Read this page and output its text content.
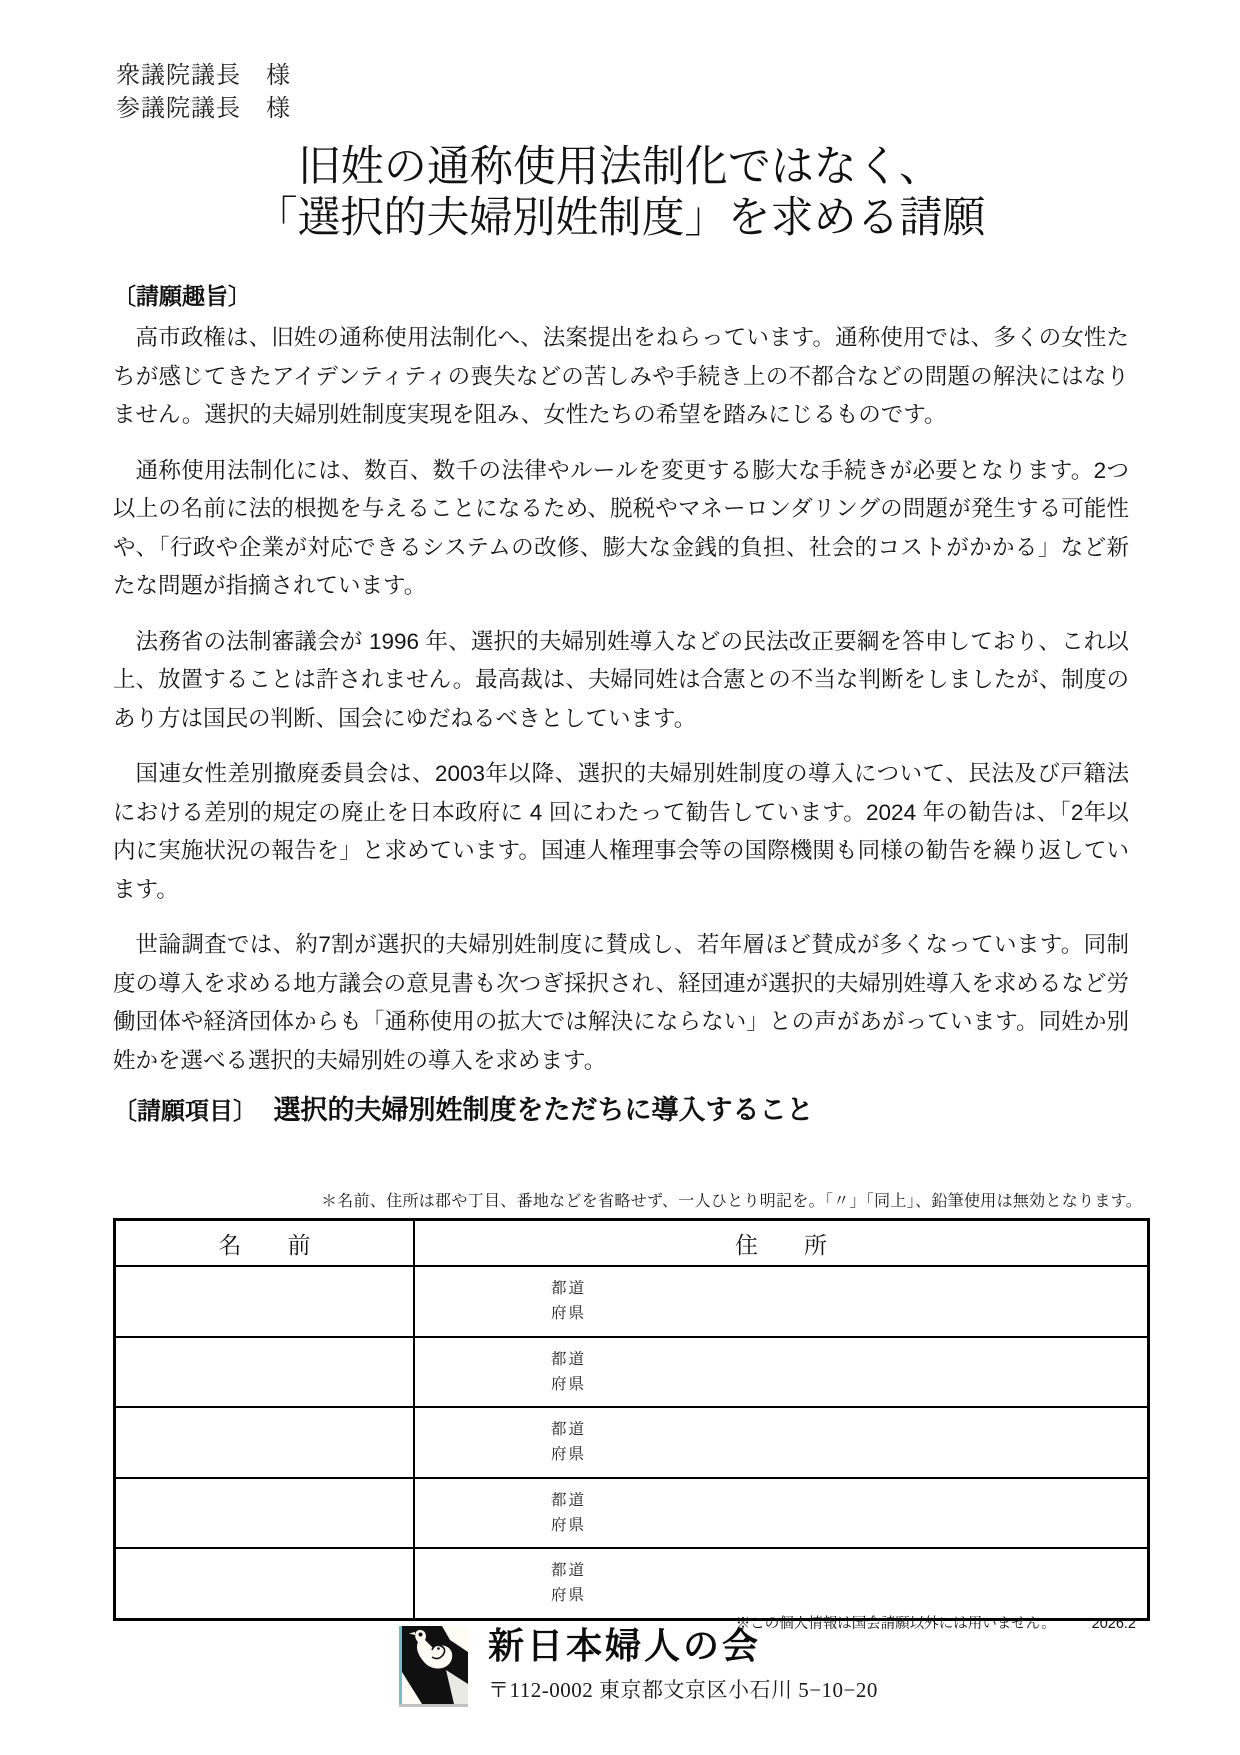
衆議院議長　様
参議院議長　様
旧姓の通称使用法制化ではなく、
「選択的夫婦別姓制度」を求める請願
〔請願趣旨〕

高市政権は、旧姓の通称使用法制化へ、法案提出をねらっています。通称使用では、多くの女性たちが感じてきたアイデンティティの喪失などの苦しみや手続き上の不都合などの問題の解決にはなりません。選択的夫婦別姓制度実現を阻み、女性たちの希望を踏みにじるものです。

通称使用法制化には、数百、数千の法律やルールを変更する膨大な手続きが必要となります。2つ以上の名前に法的根拠を与えることになるため、脱税やマネーロンダリングの問題が発生する可能性や、「行政や企業が対応できるシステムの改修、膨大な金銭的負担、社会的コストがかかる」など新たな問題が指摘されています。

法務省の法制審議会が 1996 年、選択的夫婦別姓導入などの民法改正要綱を答申しており、これ以上、放置することは許されません。最高裁は、夫婦同姓は合憲との不当な判断をしましたが、制度のあり方は国民の判断、国会にゆだねるべきとしています。

国連女性差別撤廃委員会は、2003年以降、選択的夫婦別姓制度の導入について、民法及び戸籍法における差別的規定の廃止を日本政府に 4 回にわたって勧告しています。2024 年の勧告は、「2年以内に実施状況の報告を」と求めています。国連人権理事会等の国際機関も同様の勧告を繰り返しています。

世論調査では、約7割が選択的夫婦別姓制度に賛成し、若年層ほど賛成が多くなっています。同制度の導入を求める地方議会の意見書も次つぎ採択され、経団連が選択的夫婦別姓導入を求めるなど労働団体や経済団体からも「通称使用の拡大では解決にならない」との声があがっています。同姓か別姓かを選べる選択的夫婦別姓の導入を求めます。

〔請願項目〕 選択的夫婦別姓制度をただちに導入すること
＊名前、住所は郡や丁目、番地などを省略せず、一人ひとり明記を。「〃」「同上」、鉛筆使用は無効となります。
名　前	住　所

	都道
府県

	都道
府県

	都道
府県

	都道
府県

	都道
府県
※この個人情報は国会請願以外には用いません。 2026.2
新日本婦人の会
〒112-0002 東京都文京区小石川 5−10−20
